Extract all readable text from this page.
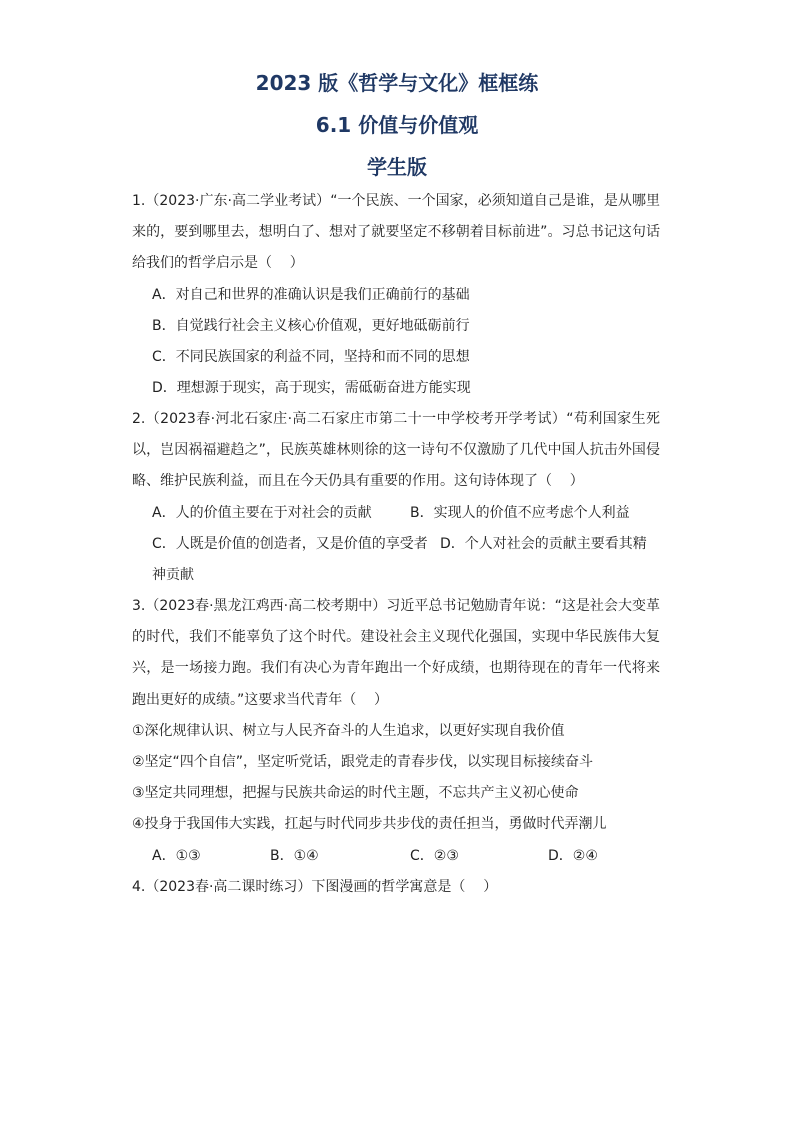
2023 版《哲学与文化》框框练
6.1 价值与价值观
学生版
1.（2023·广东·高二学业考试）“一个民族、一个国家，必须知道自己是谁，是从哪里
来的，要到哪里去，想明白了、想对了就要坚定不移朝着目标前进”。习总书记这句话
给我们的哲学启示是（    ）
A．对自己和世界的准确认识是我们正确前行的基础
B．自觉践行社会主义核心价值观，更好地砥砺前行
C．不同民族国家的利益不同，坚持和而不同的思想
D．理想源于现实，高于现实，需砥砺奋进方能实现
2.（2023春·河北石家庄·高二石家庄市第二十一中学校考开学考试）“苟利国家生死
以，岂因祸福避趋之”，民族英雄林则徐的这一诗句不仅激励了几代中国人抗击外国侵
略、维护民族利益，而且在今天仍具有重要的作用。这句诗体现了（    ）
A．人的价值主要在于对社会的贡献	B．实现人的价值不应考虑个人利益
C．人既是价值的创造者，又是价值的享受者 D．个人对社会的贡献主要看其精
神贡献
3.（2023春·黑龙江鸡西·高二校考期中）习近平总书记勉励青年说：“这是社会大变革
的时代，我们不能辜负了这个时代。建设社会主义现代化强国，实现中华民族伟大复
兴，是一场接力跑。我们有决心为青年跑出一个好成绩，也期待现在的青年一代将来
跑出更好的成绩。”这要求当代青年（    ）
①深化规律认识、树立与人民齐奋斗的人生追求，以更好实现自我价值
②坚定“四个自信”，坚定听党话，跟党走的青春步伐，以实现目标接续奋斗
③坚定共同理想，把握与民族共命运的时代主题，不忘共产主义初心使命
④投身于我国伟大实践，扛起与时代同步共步伐的责任担当，勇做时代弄潮儿
A．①③	B．①④	C．②③	D．②④
4.（2023春·高二课时练习）下图漫画的哲学寓意是（    ）
